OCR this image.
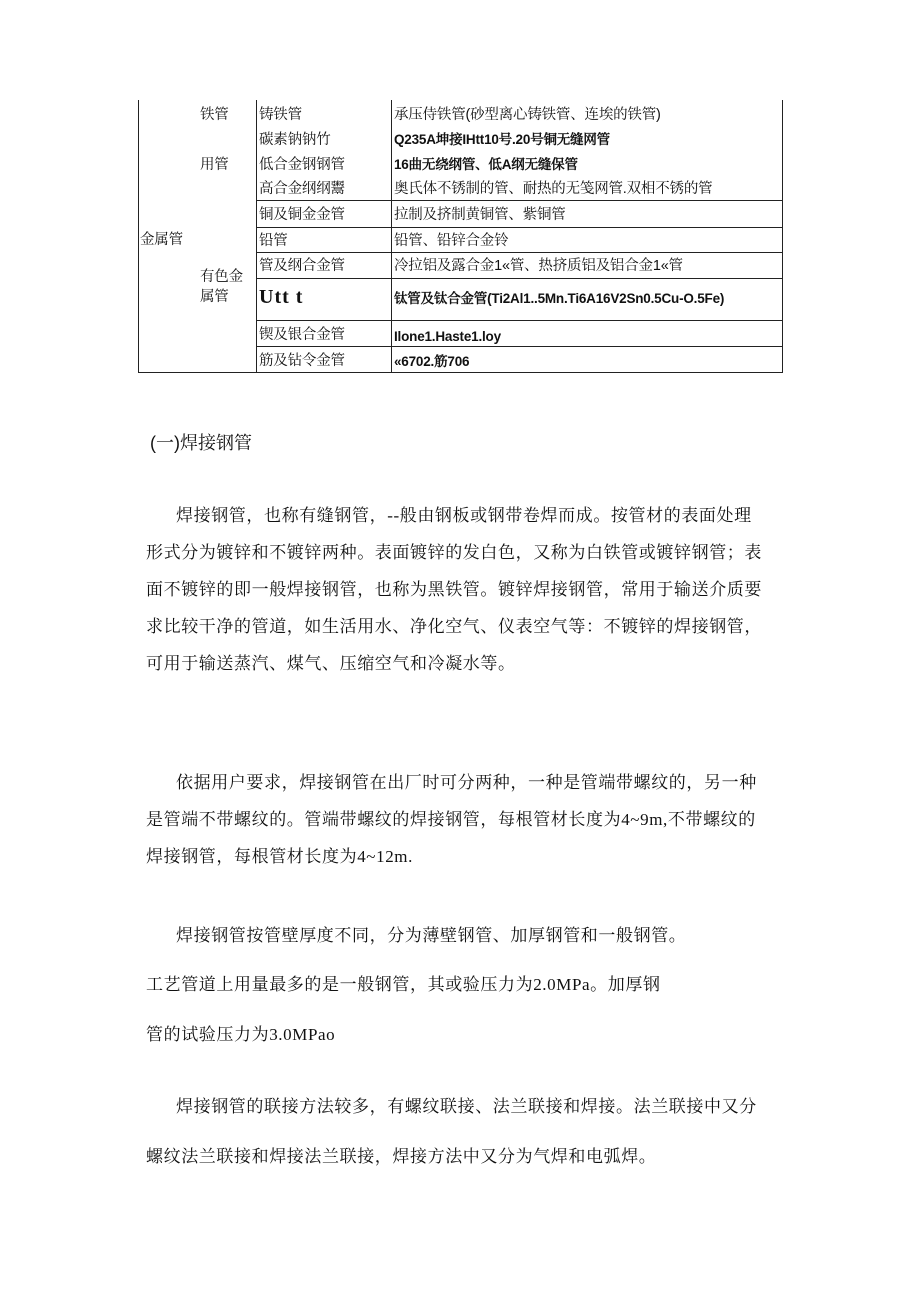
金属管
铁管
用管
有色金
属管
铸铁管
碳素钠钠竹
低合金钢钢管
高合金纲纲鬻
铜及铜金金管
铅管
管及纲合金管
Utt t
锲及银合金管
筋及钻令金管
承压侍铁管(砂型离心铸铁管、连埃的铁管)
Q235A坤接IHtt10号.20号铜无缝网管
16曲无绕纲管、低A纲无缝保管
奥氏体不锈制的管、耐热的无笺网管.双相不锈的管
拉制及挤制黄铜管、紫铜管
铅管、铅锌合金铃
冷拉铝及露合金1«管、热挤质铝及铝合金1«管
钛管及钛合金管(Ti2Al1..5Mn.Ti6A16V2Sn0.5Cu-O.5Fe)
Ilone1.Haste1.loy
«6702.筋706
(一)焊接钢管
焊接钢管，也称有缝钢管，--般由钢板或钢带卷焊而成。按管材的表面处理
形式分为镀锌和不镀锌两种。表面镀锌的发白色，又称为白铁管或镀锌钢管；表
面不镀锌的即一般焊接钢管，也称为黑铁管。镀锌焊接钢管，常用于输送介质要
求比较干净的管道，如生活用水、净化空气、仪表空气等：不镀锌的焊接钢管，
可用于输送蒸汽、煤气、压缩空气和冷凝水等。
依据用户要求，焊接钢管在出厂时可分两种，一种是管端带螺纹的，另一种
是管端不带螺纹的。管端带螺纹的焊接钢管，每根管材长度为4~9m,不带螺纹的
焊接钢管，每根管材长度为4~12m.
焊接钢管按管壁厚度不同，分为薄壁钢管、加厚钢管和一般钢管。
工艺管道上用量最多的是一般钢管，其或验压力为2.0MPa。加厚钢
管的试验压力为3.0MPao
焊接钢管的联接方法较多，有螺纹联接、法兰联接和焊接。法兰联接中又分
螺纹法兰联接和焊接法兰联接，焊接方法中又分为气焊和电弧焊。
